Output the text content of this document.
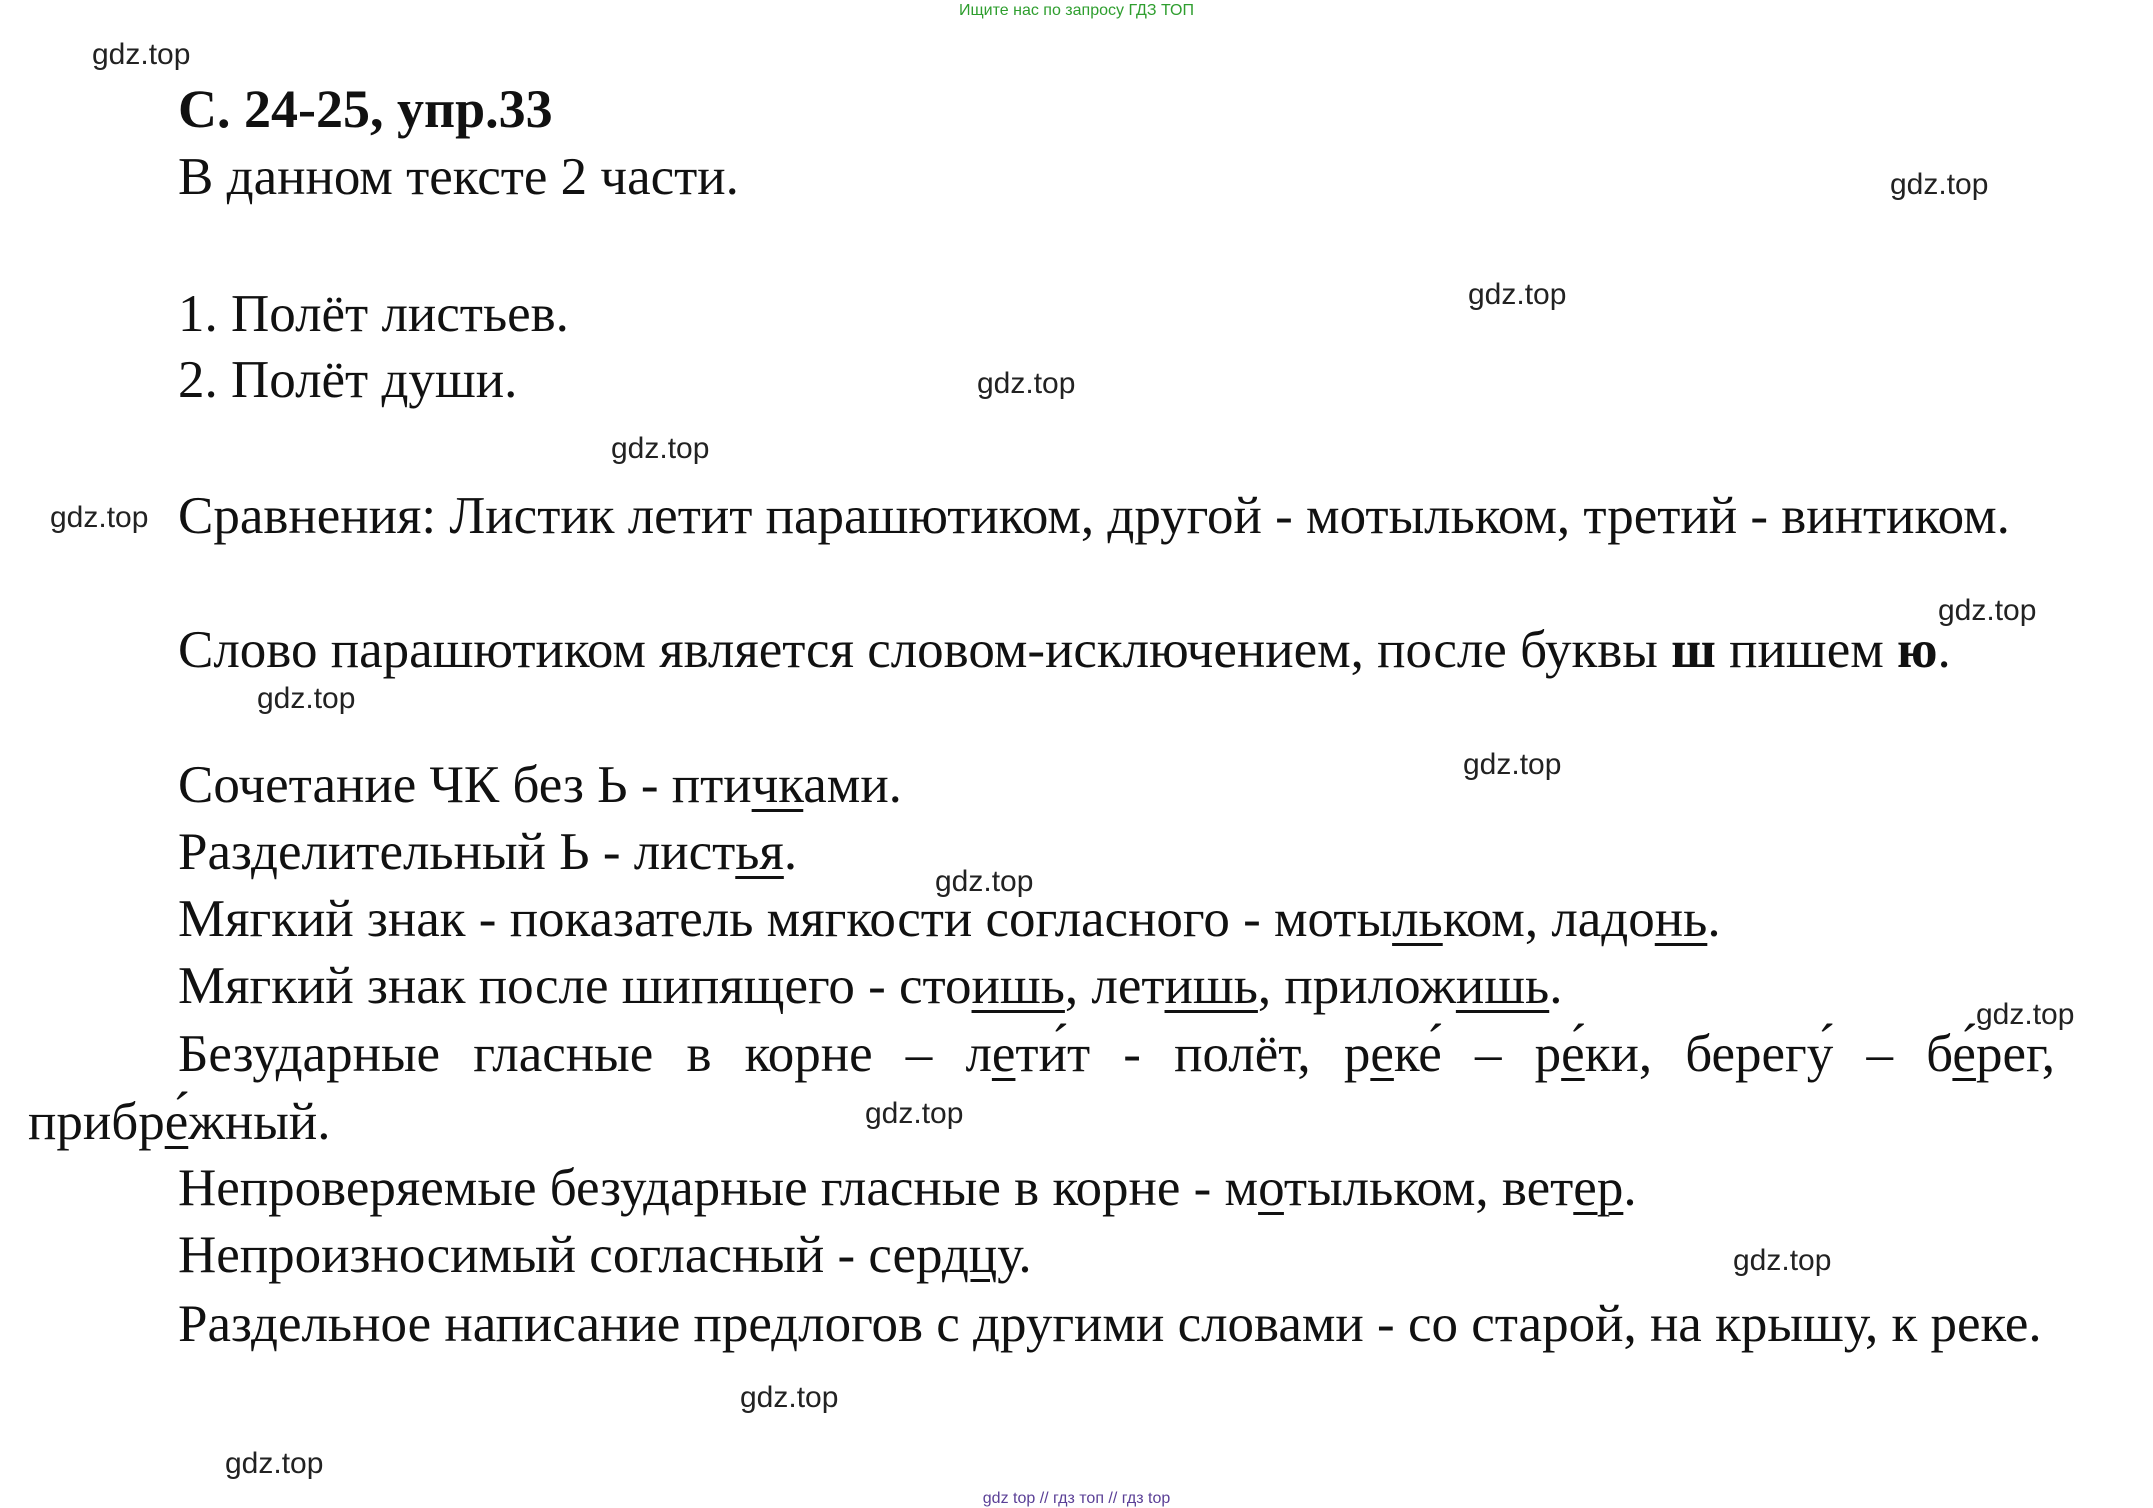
Ищите нас по запросу ГДЗ ТОП
gdz.top
gdz.top
gdz.top
gdz.top
gdz.top
gdz.top
gdz.top
gdz.top
gdz.top
gdz.top
gdz.top
gdz.top
gdz.top
gdz.top
gdz.top

С. 24-25, упр.33

В данном тексте 2 части.

1. Полёт листьев.

2. Полёт души.

Сравнения: Листик летит парашютиком, другой - мотыльком, третий - винтиком.

Слово парашютиком является словом-исключением, после буквы ш пишем ю.

Сочетание ЧК без Ь - птичками.

Разделительный Ь - листья.

Мягкий знак - показатель мягкости согласного - мотыльком, ладонь.

Мягкий знак после шипящего - стоишь, летишь, приложишь.

Безударные гласные в корне – лети́т - полёт, реке́ – ре́ки, берегу́ – бе́рег, прибре́жный.

Непроверяемые безударные гласные в корне - мотыльком, ветер.

Непроизносимый согласный - сердцу.

Раздельное написание предлогов с другими словами - со старой, на крышу, к реке.

gdz top // гдз топ // гдз top
